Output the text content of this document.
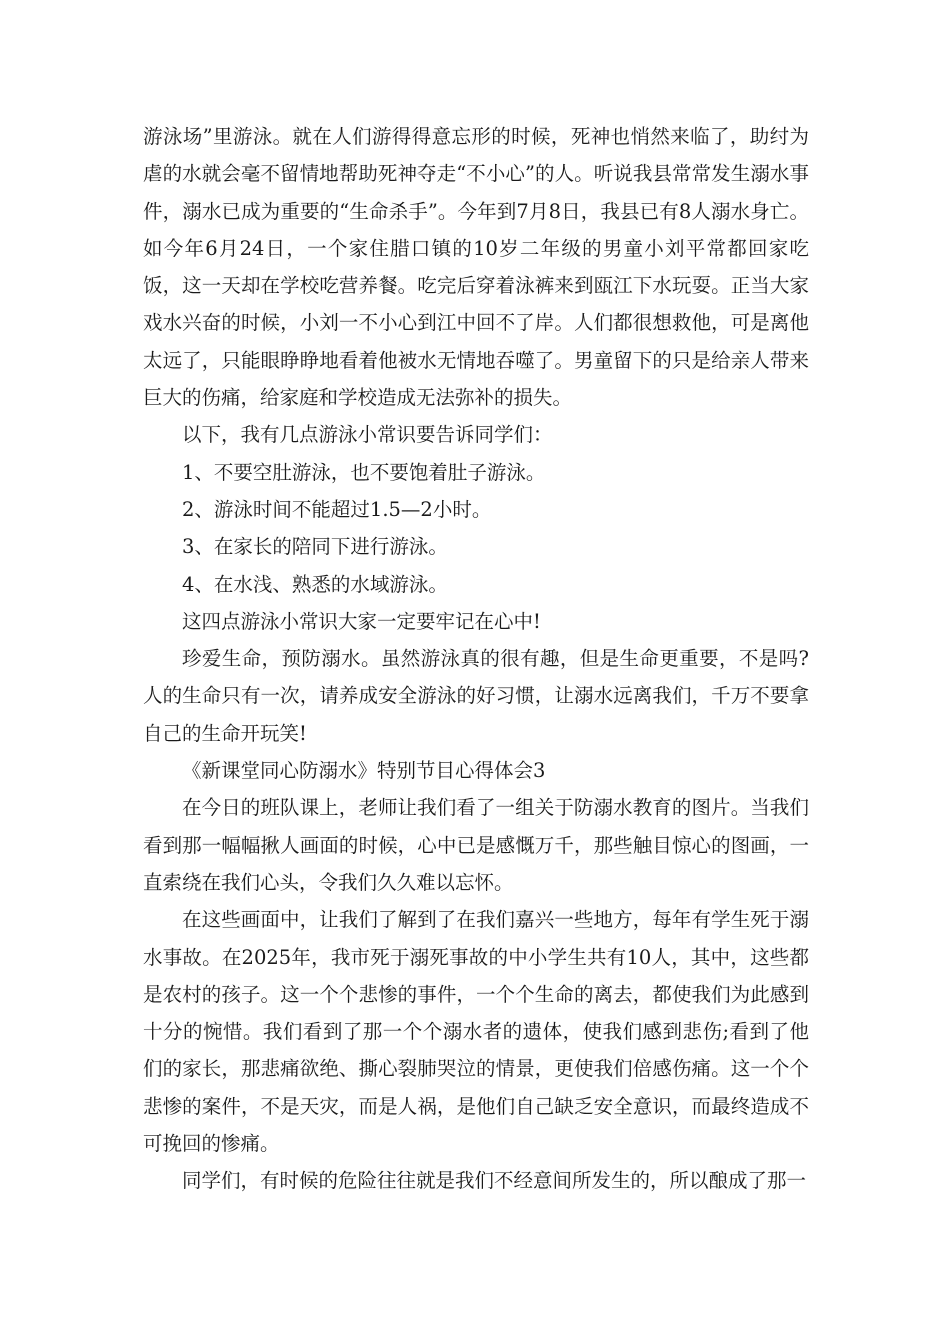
游泳场”里游泳。就在人们游得得意忘形的时候，死神也悄然来临了，助纣为虐的水就会毫不留情地帮助死神夺走“不小心”的人。听说我县常常发生溺水事件，溺水已成为重要的“生命杀手”。今年到7月8日，我县已有8人溺水身亡。如今年6月24日，一个家住腊口镇的10岁二年级的男童小刘平常都回家吃饭，这一天却在学校吃营养餐。吃完后穿着泳裤来到瓯江下水玩耍。正当大家戏水兴奋的时候，小刘一不小心到江中回不了岸。人们都很想救他，可是离他太远了，只能眼睁睁地看着他被水无情地吞噬了。男童留下的只是给亲人带来巨大的伤痛，给家庭和学校造成无法弥补的损失。

以下，我有几点游泳小常识要告诉同学们：

1、不要空肚游泳，也不要饱着肚子游泳。

2、游泳时间不能超过1.5—2小时。

3、在家长的陪同下进行游泳。

4、在水浅、熟悉的水域游泳。

这四点游泳小常识大家一定要牢记在心中!

珍爱生命，预防溺水。虽然游泳真的很有趣，但是生命更重要，不是吗?人的生命只有一次，请养成安全游泳的好习惯，让溺水远离我们，千万不要拿自己的生命开玩笑!

《新课堂同心防溺水》特别节目心得体会3

在今日的班队课上，老师让我们看了一组关于防溺水教育的图片。当我们看到那一幅幅揪人画面的时候，心中已是感慨万千，那些触目惊心的图画，一直索绕在我们心头，令我们久久难以忘怀。

在这些画面中，让我们了解到了在我们嘉兴一些地方，每年有学生死于溺水事故。在2025年，我市死于溺死事故的中小学生共有10人，其中，这些都是农村的孩子。这一个个悲惨的事件，一个个生命的离去，都使我们为此感到十分的惋惜。我们看到了那一个个溺水者的遗体，使我们感到悲伤;看到了他们的家长，那悲痛欲绝、撕心裂肺哭泣的情景，更使我们倍感伤痛。这一个个悲惨的案件，不是天灾，而是人祸，是他们自己缺乏安全意识，而最终造成不可挽回的惨痛。

同学们，有时候的危险往往就是我们不经意间所发生的，所以酿成了那一
